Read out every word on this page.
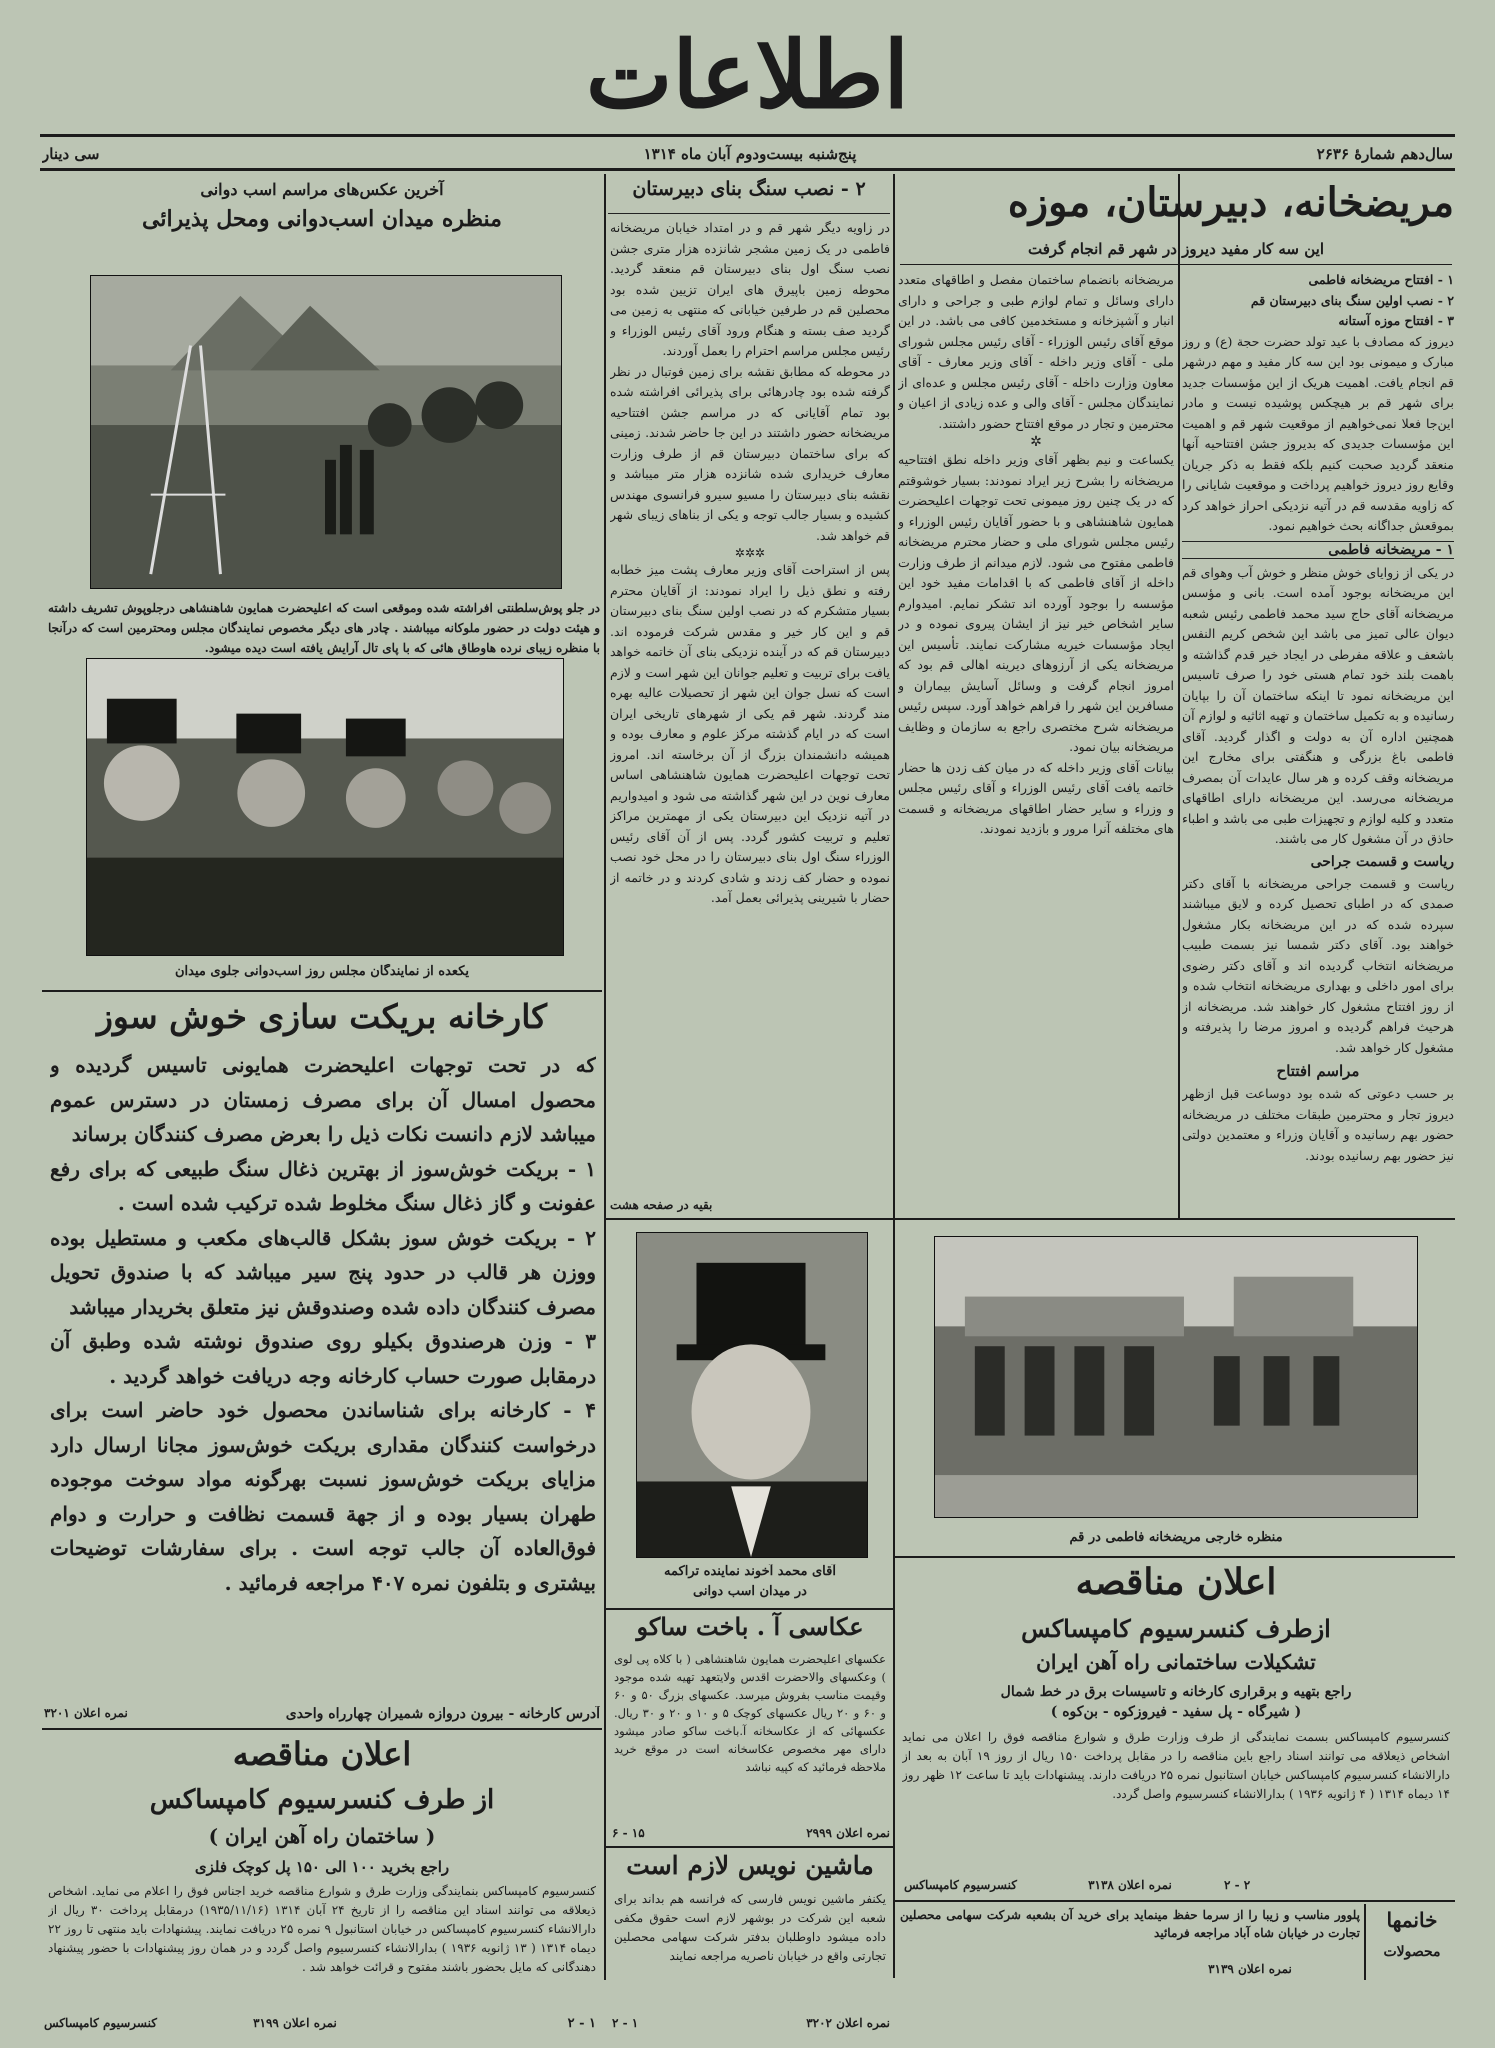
اطلاعات
سال‌دهم شمارۀ ۲۶۳۶
پنج‌شنبه بیست‌ودوم آبان ماه ۱۳۱۴
سی دینار
مریضخانه، دبیرستان، موزه
این سه کار مفید دیروز در شهر قم انجام گرفت
۱ - افتتاح مریضخانه فاطمی
۲ - نصب اولین سنگ بنای دبیرستان قم
۳ - افتتاح موزه آستانه
دیروز که مصادف با عید تولد حضرت حجة (ع) و روز مبارک و میمونی بود این سه کار مفید و مهم درشهر قم انجام یافت. اهمیت هریک از این مؤسسات جدید برای شهر قم بر هیچکس پوشیده نیست و مادر این‌جا فعلا نمی‌خواهیم از موقعیت شهر قم و اهمیت این مؤسسات جدیدی که بدیروز جشن افتتاحیه آنها منعقد گردید صحبت کنیم بلکه فقط به ذکر جریان وقایع روز دیروز خواهیم پرداخت و موقعیت شایانی را که زاویه مقدسه قم در آتیه نزدیکی احراز خواهد کرد بموقعش جداگانه بحث خواهیم نمود.
۱ - مریضخانه فاطمی
در یکی از زوایای خوش منظر و خوش آب وهوای قم این مریضخانه بوجود آمده است. بانی و مؤسس مریضخانه آقای حاج سید محمد فاطمی رئیس شعبه دیوان عالی تمیز می باشد این شخص کریم النفس باشعف و علاقه مفرطی در ایجاد خیر قدم گذاشته و باهمت بلند خود تمام هستی خود را صرف تاسیس این مریضخانه نمود تا اینکه ساختمان آن را بپایان رسانیده و به تکمیل ساختمان و تهیه اثاثیه و لوازم آن همچنین اداره آن به دولت و اگذار گردید. آقای فاطمی باغ بزرگی و هنگفتی برای مخارج این مریضخانه وقف کرده و هر سال عایدات آن بمصرف مریضخانه می‌رسد. این مریضخانه دارای اطاقهای متعدد و کلیه لوازم و تجهیزات طبی می باشد و اطباء حاذق در آن مشغول کار می باشند.
ریاست و قسمت جراحی
ریاست و قسمت جراحی مریضخانه با آقای دکتر صمدی که در اطبای تحصیل کرده و لایق میباشند سپرده شده که در این مریضخانه بکار مشغول خواهند بود. آقای دکتر شمسا نیز بسمت طبیب مریضخانه انتخاب گردیده اند و آقای دکتر رضوی برای امور داخلی و بهداری مریضخانه انتخاب شده و از روز افتتاح مشغول کار خواهند شد. مریضخانه از هرحیث فراهم گردیده و امروز مرضا را پذیرفته و مشغول کار خواهد شد.
مراسم افتتاح
بر حسب دعوتی که شده بود دوساعت قبل ازظهر دیروز تجار و محترمین طبقات مختلف در مریضخانه حضور بهم رسانیده و آقایان وزراء و معتمدین دولتی نیز حضور بهم رسانیده بودند.
مریضخانه بانضمام ساختمان مفصل و اطاقهای متعدد دارای وسائل و تمام لوازم طبی و جراحی و دارای انبار و آشپزخانه و مستخدمین کافی می باشد. در این موقع آقای رئیس الوزراء - آقای رئیس مجلس شورای ملی - آقای وزیر داخله - آقای وزیر معارف - آقای معاون وزارت داخله - آقای رئیس مجلس و عده‌ای از نمایندگان مجلس - آقای والی و عده زیادی از اعیان و محترمین و تجار در موقع افتتاح حضور داشتند.
✲
یکساعت و نیم بظهر آقای وزیر داخله نطق افتتاحیه مریضخانه را بشرح زیر ایراد نمودند: بسیار خوشوقتم که در یک چنین روز میمونی تحت توجهات اعلیحضرت همایون شاهنشاهی و با حضور آقایان رئیس الوزراء و رئیس مجلس شورای ملی و حضار محترم مریضخانه فاطمی مفتوح می شود. لازم میدانم از طرف وزارت داخله از آقای فاطمی که با اقدامات مفید خود این مؤسسه را بوجود آورده اند تشکر نمایم. امیدوارم سایر اشخاص خیر نیز از ایشان پیروی نموده و در ایجاد مؤسسات خیریه مشارکت نمایند. تأسیس این مریضخانه یکی از آرزوهای دیرینه اهالی قم بود که امروز انجام گرفت و وسائل آسایش بیماران و مسافرین این شهر را فراهم خواهد آورد. سپس رئیس مریضخانه شرح مختصری راجع به سازمان و وظایف مریضخانه بیان نمود.
بیانات آقای وزیر داخله که در میان کف زدن ها حضار خاتمه یافت آقای رئیس الوزراء و آقای رئیس مجلس و وزراء و سایر حضار اطاقهای مریضخانه و قسمت های مختلفه آنرا مرور و بازدید نمودند.
۲ - نصب سنگ بنای دبیرستان
در زاویه دیگر شهر قم و در امتداد خیابان مریضخانه فاطمی در یک زمین مشجر شانزده هزار متری جشن نصب سنگ اول بنای دبیرستان قم منعقد گردید. محوطه زمین باپیرق های ایران تزیین شده بود محصلین قم در طرفین خیابانی که منتهی به زمین می گردید صف بسته و هنگام ورود آقای رئیس الوزراء و رئیس مجلس مراسم احترام را بعمل آوردند.
در محوطه که مطابق نقشه برای زمین فوتبال در نظر گرفته شده بود چادرهائی برای پذیرائی افراشته شده بود تمام آقایانی که در مراسم جشن افتتاحیه مریضخانه حضور داشتند در این جا حاضر شدند. زمینی که برای ساختمان دبیرستان قم از طرف وزارت معارف خریداری شده شانزده هزار متر میباشد و نقشه بنای دبیرستان را مسیو سیرو فرانسوی مهندس کشیده و بسیار جالب توجه و یکی از بناهای زیبای شهر قم خواهد شد.
✲✲✲
پس از استراحت آقای وزیر معارف پشت میز خطابه رفته و نطق ذیل را ایراد نمودند: از آقایان محترم بسیار متشکرم که در نصب اولین سنگ بنای دبیرستان قم و این کار خیر و مقدس شرکت فرموده اند. دبیرستان قم که در آینده نزدیکی بنای آن خاتمه خواهد یافت برای تربیت و تعلیم جوانان این شهر است و لازم است که نسل جوان این شهر از تحصیلات عالیه بهره مند گردند. شهر قم یکی از شهرهای تاریخی ایران است که در ایام گذشته مرکز علوم و معارف بوده و همیشه دانشمندان بزرگ از آن برخاسته اند. امروز تحت توجهات اعلیحضرت همایون شاهنشاهی اساس معارف نوین در این شهر گذاشته می شود و امیدواریم در آتیه نزدیک این دبیرستان یکی از مهمترین مراکز تعلیم و تربیت کشور گردد. پس از آن آقای رئیس الوزراء سنگ اول بنای دبیرستان را در محل خود نصب نموده و حضار کف زدند و شادی کردند و در خاتمه از حضار با شیرینی پذیرائی بعمل آمد.
بقیه در صفحه هشت
آخرین عکس‌های مراسم اسب دوانی
منظره میدان اسب‌دوانی ومحل پذیرائی
در جلو پوش‌سلطنتی افراشته شده وموقعی است که اعلیحضرت همایون شاهنشاهی درجلوپوش تشریف داشته و هیئت دولت در حضور ملوکانه میباشند . چادر های دیگر مخصوص نمایندگان مجلس ومحترمین است که درآنجا با منظره زیبای نرده هاوطاق هائی که با پای تال آرایش یافته است دیده میشود.
یکعده از نمایندگان مجلس روز اسب‌دوانی جلوی میدان
کارخانه بریکت سازی خوش سوز
که در تحت توجهات اعلیحضرت همایونی تاسیس گردیده و محصول امسال آن برای مصرف زمستان در دسترس عموم میباشد لازم دانست نکات ذیل را بعرض مصرف کنندگان برساند
۱ - بریکت خوش‌سوز از بهترین ذغال سنگ طبیعی که برای رفع عفونت و گاز ذغال سنگ مخلوط شده ترکیب شده است .
۲ - بریکت خوش سوز بشکل قالب‌های مکعب و مستطیل بوده ووزن هر قالب در حدود پنج سیر میباشد که با صندوق تحویل مصرف کنندگان داده شده وصندوقش نیز متعلق بخریدار میباشد
۳ - وزن هرصندوق بکیلو روی صندوق نوشته شده وطبق آن درمقابل صورت حساب کارخانه وجه دریافت خواهد گردید .
۴ - کارخانه برای شناساندن محصول خود حاضر است برای درخواست کنندگان مقداری بریکت خوش‌سوز مجانا ارسال دارد مزایای بریکت خوش‌سوز نسبت بهرگونه مواد سوخت موجوده طهران بسیار بوده و از جهة قسمت نظافت و حرارت و دوام فوق‌العاده آن جالب توجه است . برای سفارشات توضیحات بیشتری و بتلفون نمره ۴۰۷ مراجعه فرمائید .
آدرس کارخانه - بیرون دروازه شمیران چهارراه واحدی
نمره اعلان ۳۲۰۱
اعلان مناقصه
از طرف کنسرسیوم کامپساکس
( ساختمان راه آهن ایران )
راجع بخرید ۱۰۰ الی ۱۵۰ پل کوچک فلزی
کنسرسیوم کامپساکس بنمایندگی وزارت طرق و شوارع مناقصه خرید اجناس فوق را اعلام می نماید. اشخاص ذیعلاقه می توانند اسناد این مناقصه را از تاریخ ۲۴ آبان ۱۳۱۴ (۱۹۳۵/۱۱/۱۶) درمقابل پرداخت ۳۰ ریال از دارالانشاء کنسرسیوم کامپساکس در خیابان استانبول ۹ نمره ۲۵ دریافت نمایند. پیشنهادات باید منتهی تا روز ۲۲ دیماه ۱۳۱۴ ( ۱۳ ژانویه ۱۹۳۶ ) بدارالانشاء کنسرسیوم واصل گردد و در همان روز پیشنهادات با حضور پیشنهاد دهندگانی که مایل بحضور باشند مفتوح و قرائت خواهد شد .
۱ - ۲
نمره اعلان ۳۱۹۹
کنسرسیوم کامپساکس
آقای محمد آخوند نماینده تراکمه
در میدان اسب دوانی
عکاسی آ . باخت ساکو
عکسهای اعلیحضرت همایون شاهنشاهی ( با کلاه پی لوی ) وعکسهای والاحضرت اقدس ولایتعهد تهیه شده موجود وقیمت مناسب بفروش میرسد. عکسهای بزرگ ۵۰ و ۶۰ و ۶۰ و ۲۰ ریال عکسهای کوچک ۵ و ۱۰ و ۲۰ و ۳۰ ریال. عکسهائی که از عکاسخانه آ.باخت ساکو صادر میشود دارای مهر مخصوص عکاسخانه است در موقع خرید ملاحظه فرمائید که کپیه نباشد
نمره اعلان ۲۹۹۹
۱۵ - ۶
ماشین نویس لازم است
یکنفر ماشین نویس فارسی که فرانسه هم بداند برای شعبه این شرکت در بوشهر لازم است حقوق مکفی داده میشود داوطلبان بدفتر شرکت سهامی محصلین تجارتی واقع در خیابان ناصریه مراجعه نمایند
نمره اعلان ۳۲۰۲
۱ - ۲
منظره خارجی مریضخانه فاطمی در قم
اعلان مناقصه
ازطرف کنسرسیوم کامپساکس
تشکیلات ساختمانی راه آهن ایران
راجع بتهیه و برقراری کارخانه و تاسیسات برق در خط شمال
( شیرگاه - پل سفید - فیروزکوه - بن‌کوه )
کنسرسیوم کامپساکس بسمت نمایندگی از طرف وزارت طرق و شوارع مناقصه فوق را اعلان می نماید اشخاص ذیعلاقه می توانند اسناد راجع باین مناقصه را در مقابل پرداخت ۱۵۰ ریال از روز ۱۹ آبان به بعد از دارالانشاء کنسرسیوم کامپساکس خیابان استانبول نمره ۲۵ دریافت دارند. پیشنهادات باید تا ساعت ۱۲ ظهر روز ۱۴ دیماه ۱۳۱۴ ( ۴ ژانویه ۱۹۳۶ ) بدارالانشاء کنسرسیوم واصل گردد.
نمره اعلان ۳۱۳۸
کنسرسیوم کامپساکس	۲ - ۲
خانمها
محصولات
پلوور مناسب و زیبا را از سرما حفظ مینماید برای خرید آن بشعبه شرکت سهامی محصلین تجارت در خیابان شاه آباد مراجعه فرمائید
نمره اعلان ۳۱۳۹
